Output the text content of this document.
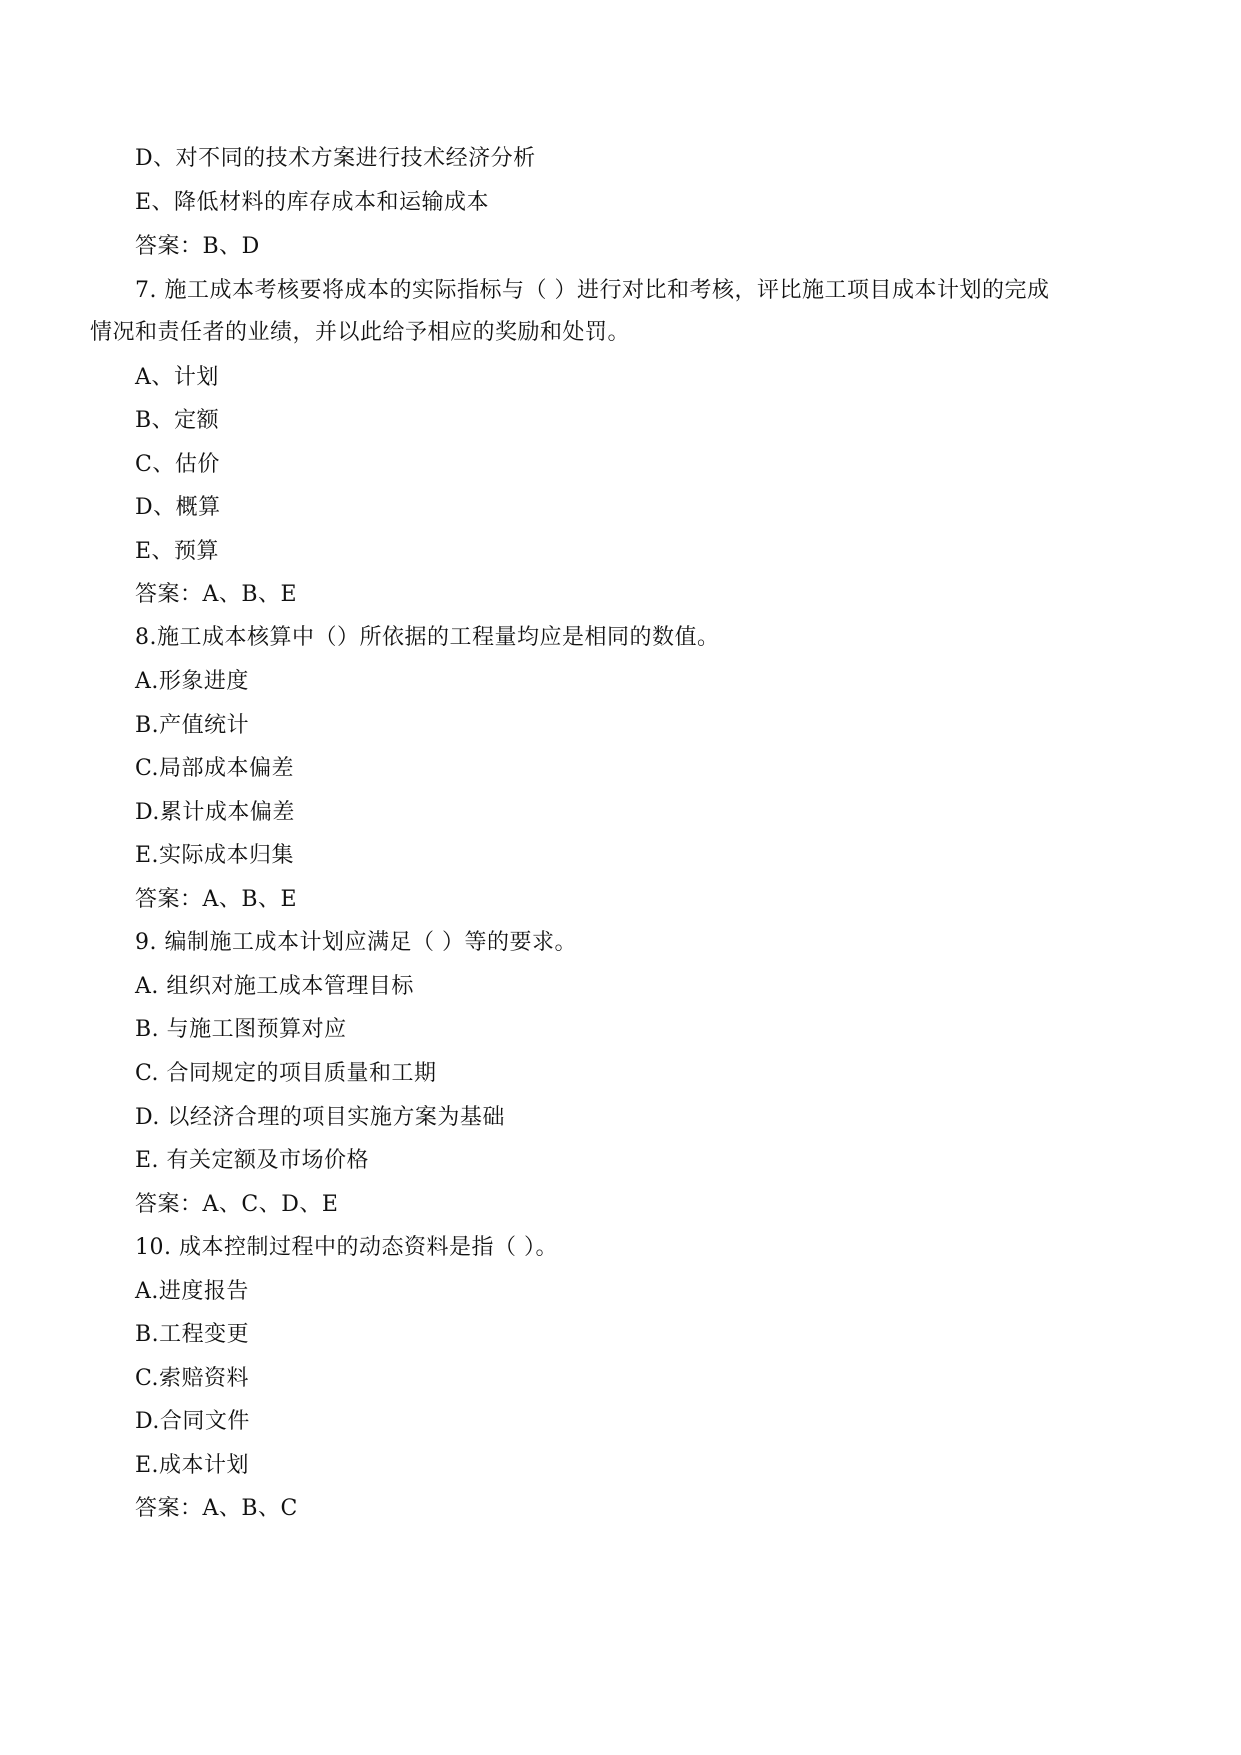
D、对不同的技术方案进行技术经济分析
E、降低材料的库存成本和运输成本
答案：B、D
7. 施工成本考核要将成本的实际指标与（ ）进行对比和考核，评比施工项目成本计划的完成
情况和责任者的业绩，并以此给予相应的奖励和处罚。
A、计划
B、定额
C、估价
D、概算
E、预算
答案：A、B、E
8.施工成本核算中（）所依据的工程量均应是相同的数值。
A.形象进度
B.产值统计
C.局部成本偏差
D.累计成本偏差
E.实际成本归集
答案：A、B、E
9. 编制施工成本计划应满足（ ）等的要求。
A. 组织对施工成本管理目标
B. 与施工图预算对应
C. 合同规定的项目质量和工期
D. 以经济合理的项目实施方案为基础
E. 有关定额及市场价格
答案：A、C、D、E
10. 成本控制过程中的动态资料是指（ ）。
A.进度报告
B.工程变更
C.索赔资料
D.合同文件
E.成本计划
答案：A、B、C
